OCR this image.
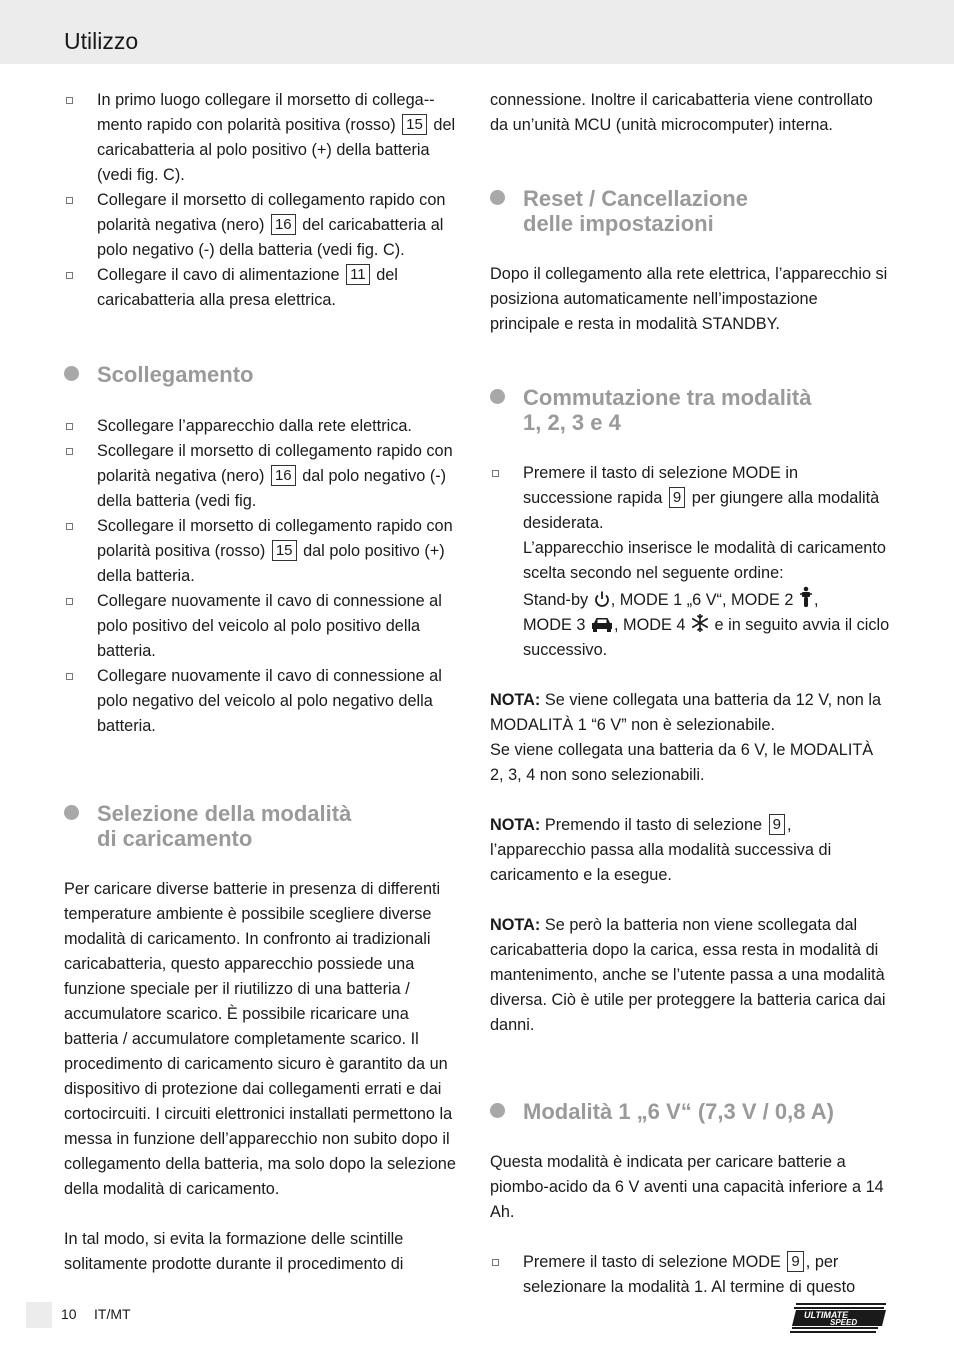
Utilizzo
In primo luogo collegare il morsetto di collega-mento rapido con polarità positiva (rosso) 15 del caricabatteria al polo positivo (+) della batteria (vedi fig. C).
Collegare il morsetto di collegamento rapido con polarità negativa (nero) 16 del caricabatteria al polo negativo (-) della batteria (vedi fig. C).
Collegare il cavo di alimentazione 11 del caricabatteria alla presa elettrica.
Scollegamento
Scollegare l’apparecchio dalla rete elettrica.
Scollegare il morsetto di collegamento rapido con polarità negativa (nero) 16 dal polo negativo (-) della batteria (vedi fig.
Scollegare il morsetto di collegamento rapido con polarità positiva (rosso) 15 dal polo positivo (+) della batteria.
Collegare nuovamente il cavo di connessione al polo positivo del veicolo al polo positivo della batteria.
Collegare nuovamente il cavo di connessione al polo negativo del veicolo al polo negativo della batteria.
Selezione della modalità
di caricamento

Per caricare diverse batterie in presenza di differenti temperature ambiente è possibile scegliere diverse modalità di caricamento. In confronto ai tradizionali caricabatteria, questo apparecchio possiede una funzione speciale per il riutilizzo di una batteria / accumulatore scarico. È possibile ricaricare una batteria / accumulatore completamente scarico. Il procedimento di caricamento sicuro è garantito da un dispositivo di protezione dai collegamenti errati e dai cortocircuiti. I circuiti elettronici installati permettono la messa in funzione dell’apparecchio non subito dopo il collegamento della batteria, ma solo dopo la selezione della modalità di caricamento.

In tal modo, si evita la formazione delle scintille solitamente prodotte durante il procedimento di

connessione. Inoltre il caricabatteria viene controllato da un’unità MCU (unità microcomputer) interna.

Reset / Cancellazione
delle impostazioni

Dopo il collegamento alla rete elettrica, l’apparecchio si posiziona automaticamente nell’impostazione principale e resta in modalità STANDBY.

Commutazione tra modalità
1, 2, 3 e 4
Premere il tasto di selezione MODE in successione rapida 9 per giungere alla modalità desiderata.
L’apparecchio inserisce le modalità di caricamento scelta secondo nel seguente ordine:
Stand-by , MODE 1 „6 V“, MODE 2 ,
MODE 3 , MODE 4 e in seguito avvia il ciclo successivo.

NOTA: Se viene collegata una batteria da 12 V, non la MODALITÀ 1 “6 V” non è selezionabile.
Se viene collegata una batteria da 6 V, le MODALITÀ 2, 3, 4 non sono selezionabili.

NOTA: Premendo il tasto di selezione 9 , l’apparecchio passa alla modalità successiva di caricamento e la esegue.

NOTA: Se però la batteria non viene scollegata dal caricabatteria dopo la carica, essa resta in modalità di mantenimento, anche se l’utente passa a una modalità diversa. Ciò è utile per proteggere la batteria carica dai danni.

Modalità 1 „6 V“ (7,3 V / 0,8 A)

Questa modalità è indicata per caricare batterie a piombo-acido da 6 V aventi una capacità inferiore a 14 Ah.

Premere il tasto di selezione MODE 9 , per selezionare la modalità 1. Al termine di questo
10 IT/MT	ULTIMATE
SPEED
